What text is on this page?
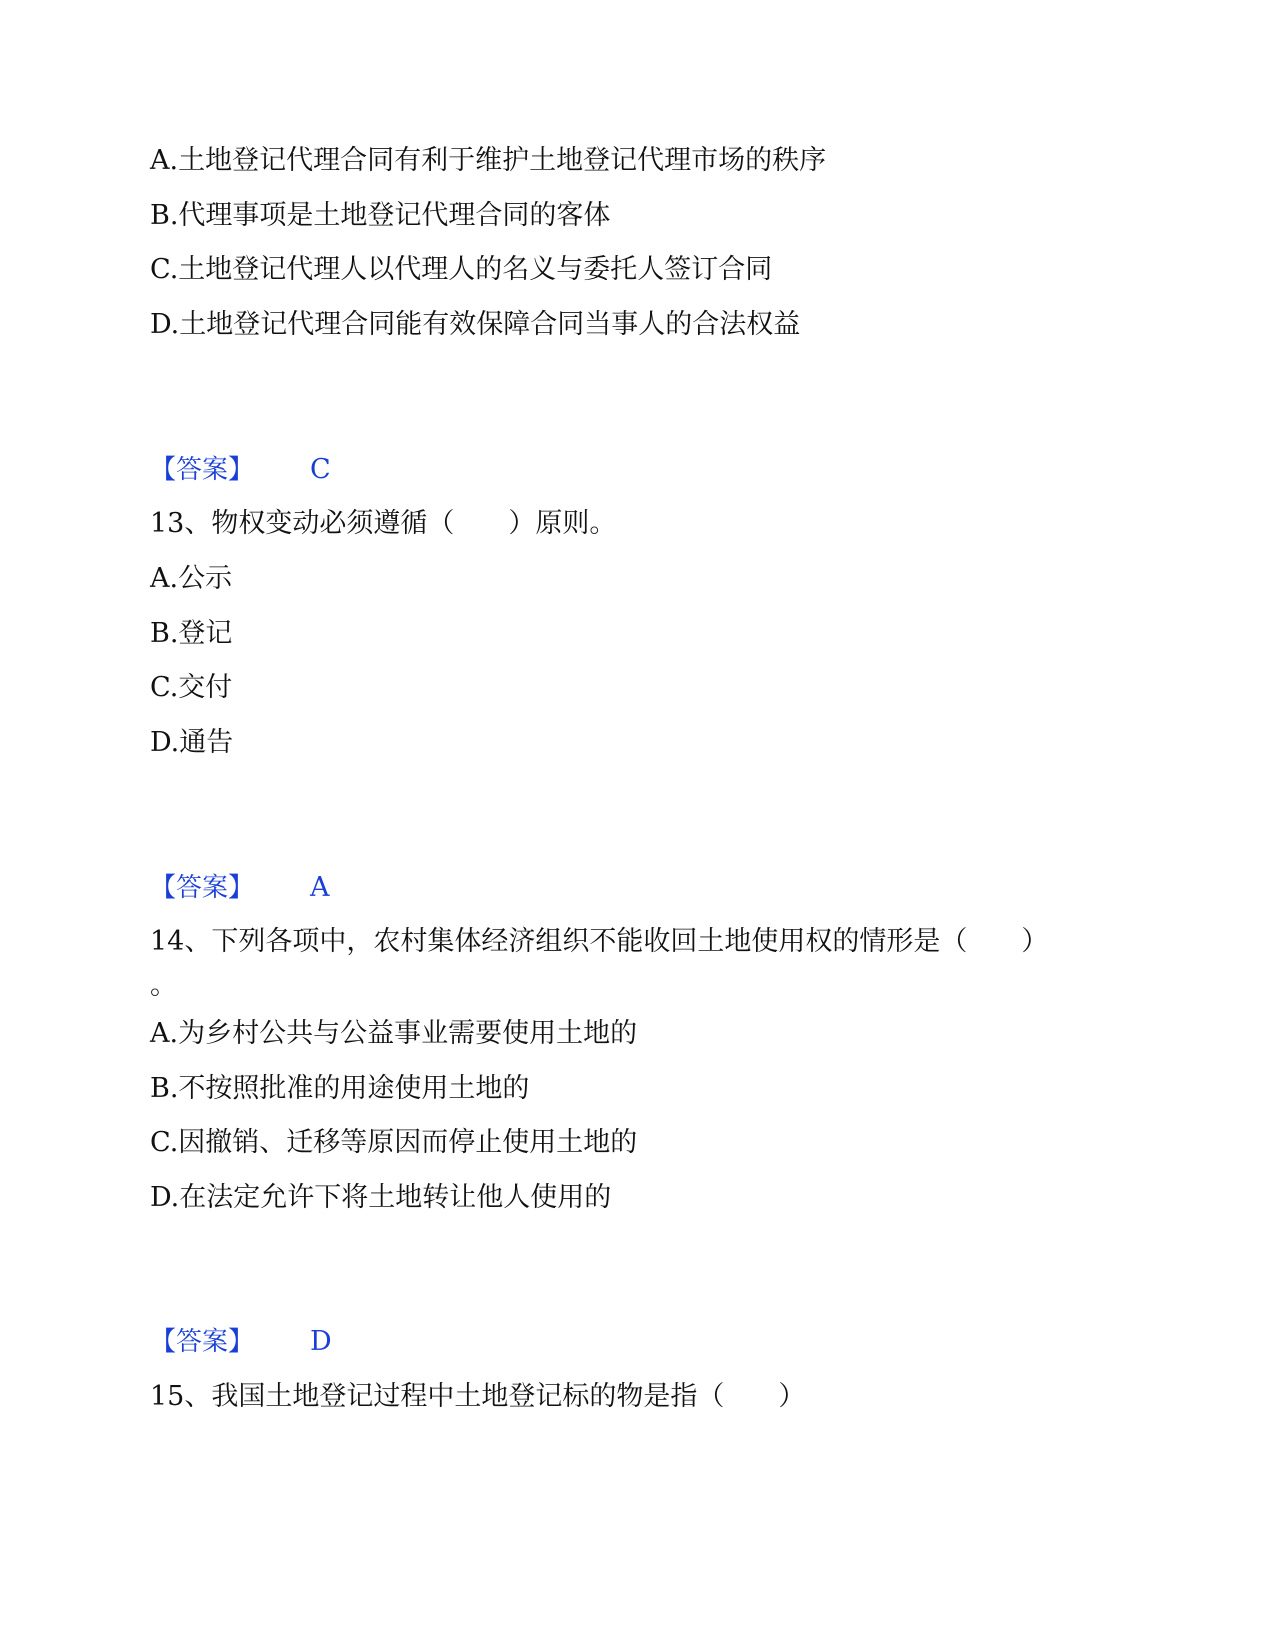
A.土地登记代理合同有利于维护土地登记代理市场的秩序
B.代理事项是土地登记代理合同的客体
C.土地登记代理人以代理人的名义与委托人签订合同
D.土地登记代理合同能有效保障合同当事人的合法权益
【答案】 C
13、物权变动必须遵循（　　）原则。
A.公示
B.登记
C.交付
D.通告
【答案】 A
14、下列各项中，农村集体经济组织不能收回土地使用权的情形是（　　）
。
A.为乡村公共与公益事业需要使用土地的
B.不按照批准的用途使用土地的
C.因撤销、迁移等原因而停止使用土地的
D.在法定允许下将土地转让他人使用的
【答案】 D
15、我国土地登记过程中土地登记标的物是指（　　）
